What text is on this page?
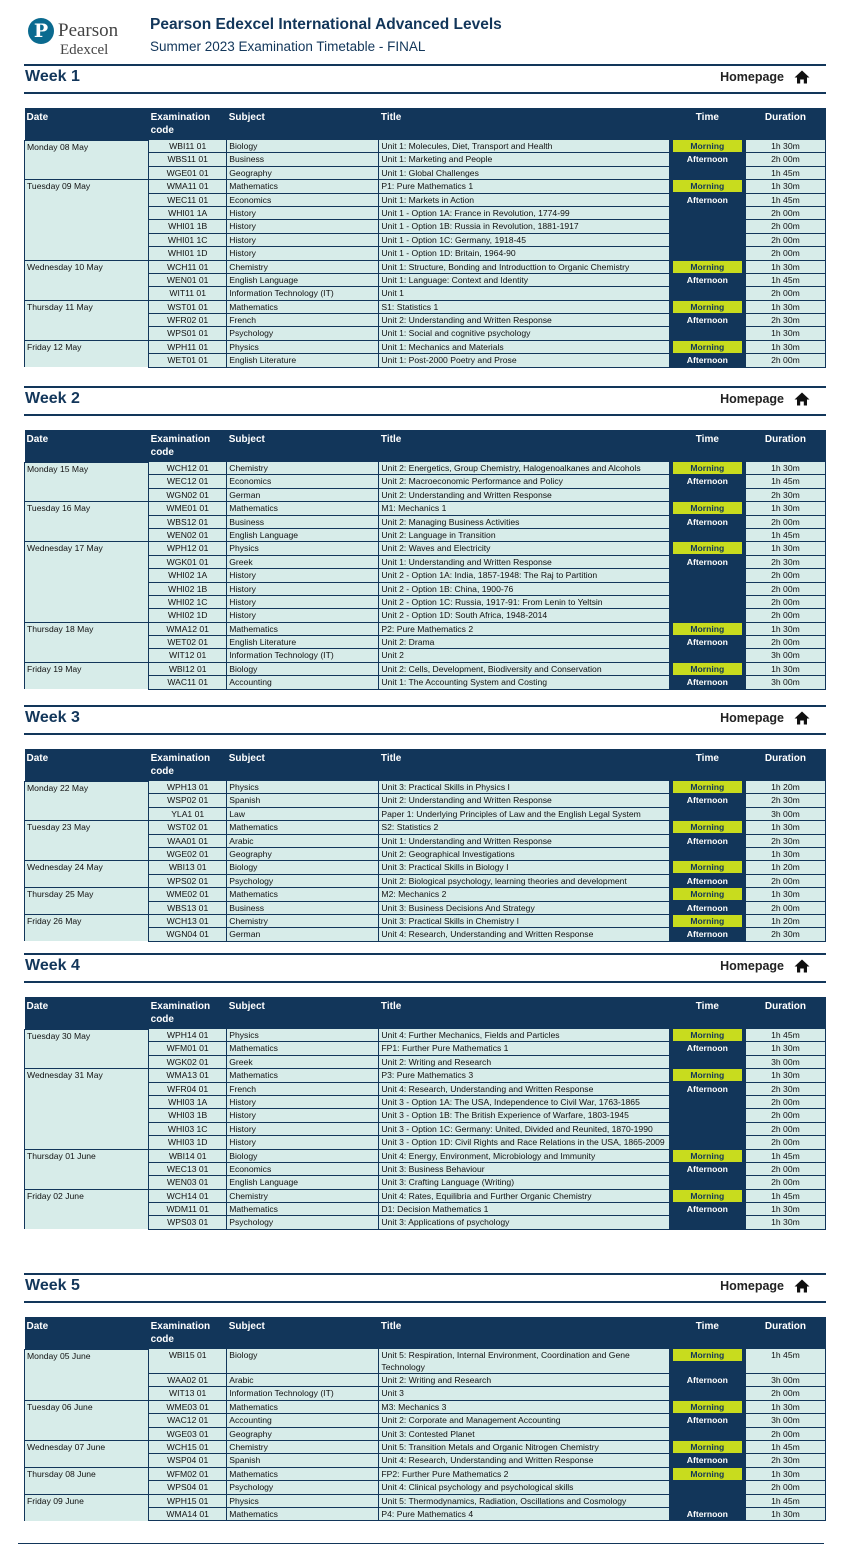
P Pearson
Edexcel
Pearson Edexcel International Advanced Levels
Summer 2023 Examination Timetable - FINAL
Week 1	Homepage
Date	Examination code	Subject	Title	Time	Duration
Monday 08 May	WBI11 01	Biology	Unit 1: Molecules, Diet, Transport and Health	Morning	1h 30m
	WBS11 01	Business	Unit 1: Marketing and People	Afternoon	2h 00m
	WGE01 01	Geography	Unit 1: Global Challenges		1h 45m
Tuesday 09 May	WMA11 01	Mathematics	P1: Pure Mathematics 1	Morning	1h 30m
	WEC11 01	Economics	Unit 1: Markets in Action	Afternoon	1h 45m
	WHI01 1A	History	Unit 1 - Option 1A: France in Revolution, 1774-99		2h 00m
	WHI01 1B	History	Unit 1 - Option 1B: Russia in Revolution, 1881-1917		2h 00m
	WHI01 1C	History	Unit 1 - Option 1C: Germany, 1918-45		2h 00m
	WHI01 1D	History	Unit 1 - Option 1D: Britain, 1964-90		2h 00m
Wednesday 10 May	WCH11 01	Chemistry	Unit 1: Structure, Bonding and Introducttion to Organic Chemistry	Morning	1h 30m
	WEN01 01	English Language	Unit 1: Language: Context and Identity	Afternoon	1h 45m
	WIT11 01	Information Technology (IT)	Unit 1		2h 00m
Thursday 11 May	WST01 01	Mathematics	S1: Statistics 1	Morning	1h 30m
	WFR02 01	French	Unit 2: Understanding and Written Response	Afternoon	2h 30m
	WPS01 01	Psychology	Unit 1: Social and cognitive psychology		1h 30m
Friday 12 May	WPH11 01	Physics	Unit 1: Mechanics and Materials	Morning	1h 30m
	WET01 01	English Literature	Unit 1: Post-2000 Poetry and Prose	Afternoon	2h 00m
Week 2	Homepage
Date	Examination code	Subject	Title	Time	Duration
Monday 15 May	WCH12 01	Chemistry	Unit 2: Energetics, Group Chemistry, Halogenoalkanes and Alcohols	Morning	1h 30m
	WEC12 01	Economics	Unit 2: Macroeconomic Performance and Policy	Afternoon	1h 45m
	WGN02 01	German	Unit 2: Understanding and Written Response		2h 30m
Tuesday 16 May	WME01 01	Mathematics	M1: Mechanics 1	Morning	1h 30m
	WBS12 01	Business	Unit 2: Managing Business Activities	Afternoon	2h 00m
	WEN02 01	English Language	Unit 2: Language in Transition		1h 45m
Wednesday 17 May	WPH12 01	Physics	Unit 2: Waves and Electricity	Morning	1h 30m
	WGK01 01	Greek	Unit 1: Understanding and Written Response	Afternoon	2h 30m
	WHI02 1A	History	Unit 2 - Option 1A: India, 1857-1948: The Raj to Partition		2h 00m
	WHI02 1B	History	Unit 2 - Option 1B: China, 1900-76		2h 00m
	WHI02 1C	History	Unit 2 - Option 1C: Russia, 1917-91: From Lenin to Yeltsin		2h 00m
	WHI02 1D	History	Unit 2 - Option 1D: South Africa, 1948-2014		2h 00m
Thursday 18 May	WMA12 01	Mathematics	P2: Pure Mathematics 2	Morning	1h 30m
	WET02 01	English Literature	Unit 2: Drama	Afternoon	2h 00m
	WIT12 01	Information Technology (IT)	Unit 2		3h 00m
Friday 19 May	WBI12 01	Biology	Unit 2: Cells, Development, Biodiversity and Conservation	Morning	1h 30m
	WAC11 01	Accounting	Unit 1: The Accounting System and Costing	Afternoon	3h 00m
Week 3	Homepage
Date	Examination code	Subject	Title	Time	Duration
Monday 22 May	WPH13 01	Physics	Unit 3: Practical Skills in Physics I	Morning	1h 20m
	WSP02 01	Spanish	Unit 2: Understanding and Written Response	Afternoon	2h 30m
	YLA1 01	Law	Paper 1: Underlying Principles of Law and the English Legal System		3h 00m
Tuesday 23 May	WST02 01	Mathematics	S2: Statistics 2	Morning	1h 30m
	WAA01 01	Arabic	Unit 1: Understanding and Written Response	Afternoon	2h 30m
	WGE02 01	Geography	Unit 2: Geographical Investigations		1h 30m
Wednesday 24 May	WBI13 01	Biology	Unit 3: Practical Skills in Biology I	Morning	1h 20m
	WPS02 01	Psychology	Unit 2: Biological psychology, learning theories and development	Afternoon	2h 00m
Thursday 25 May	WME02 01	Mathematics	M2: Mechanics 2	Morning	1h 30m
	WBS13 01	Business	Unit 3: Business Decisions And Strategy	Afternoon	2h 00m
Friday 26 May	WCH13 01	Chemistry	Unit 3: Practical Skills in Chemistry I	Morning	1h 20m
	WGN04 01	German	Unit 4: Research, Understanding and Written Response	Afternoon	2h 30m
Week 4	Homepage
Date	Examination code	Subject	Title	Time	Duration
Tuesday 30 May	WPH14 01	Physics	Unit 4: Further Mechanics, Fields and Particles	Morning	1h 45m
	WFM01 01	Mathematics	FP1: Further Pure Mathematics 1	Afternoon	1h 30m
	WGK02 01	Greek	Unit 2: Writing and Research		3h 00m
Wednesday 31 May	WMA13 01	Mathematics	P3: Pure Mathematics 3	Morning	1h 30m
	WFR04 01	French	Unit 4: Research, Understanding and Written Response	Afternoon	2h 30m
	WHI03 1A	History	Unit 3 - Option 1A: The USA, Independence to Civil War, 1763-1865		2h 00m
	WHI03 1B	History	Unit 3 - Option 1B: The British Experience of Warfare, 1803-1945		2h 00m
	WHI03 1C	History	Unit 3 - Option 1C: Germany: United, Divided and Reunited, 1870-1990		2h 00m
	WHI03 1D	History	Unit 3 - Option 1D: Civil Rights and Race Relations in the USA, 1865-2009		2h 00m
Thursday 01 June	WBI14 01	Biology	Unit 4: Energy, Environment, Microbiology and Immunity	Morning	1h 45m
	WEC13 01	Economics	Unit 3: Business Behaviour	Afternoon	2h 00m
	WEN03 01	English Language	Unit 3: Crafting Language (Writing)		2h 00m
Friday 02 June	WCH14 01	Chemistry	Unit 4: Rates, Equilibria and Further Organic Chemistry	Morning	1h 45m
	WDM11 01	Mathematics	D1: Decision Mathematics 1	Afternoon	1h 30m
	WPS03 01	Psychology	Unit 3: Applications of psychology		1h 30m
Week 5	Homepage
Date	Examination code	Subject	Title	Time	Duration
Monday 05 June	WBI15 01	Biology	Unit 5: Respiration, Internal Environment, Coordination and Gene Technology	Morning	1h 45m
	WAA02 01	Arabic	Unit 2: Writing and Research	Afternoon	3h 00m
	WIT13 01	Information Technology (IT)	Unit 3		2h 00m
Tuesday 06 June	WME03 01	Mathematics	M3: Mechanics 3	Morning	1h 30m
	WAC12 01	Accounting	Unit 2: Corporate and Management Accounting	Afternoon	3h 00m
	WGE03 01	Geography	Unit 3: Contested Planet		2h 00m
Wednesday 07 June	WCH15 01	Chemistry	Unit 5: Transition Metals and Organic Nitrogen Chemistry	Morning	1h 45m
	WSP04 01	Spanish	Unit 4: Research, Understanding and Written Response	Afternoon	2h 30m
Thursday 08 June	WFM02 01	Mathematics	FP2: Further Pure Mathematics 2	Morning	1h 30m
	WPS04 01	Psychology	Unit 4: Clinical psychology and psychological skills		2h 00m
Friday 09 June	WPH15 01	Physics	Unit 5: Thermodynamics, Radiation, Oscillations and Cosmology		1h 45m
	WMA14 01	Mathematics	P4: Pure Mathematics 4	Afternoon	1h 30m
